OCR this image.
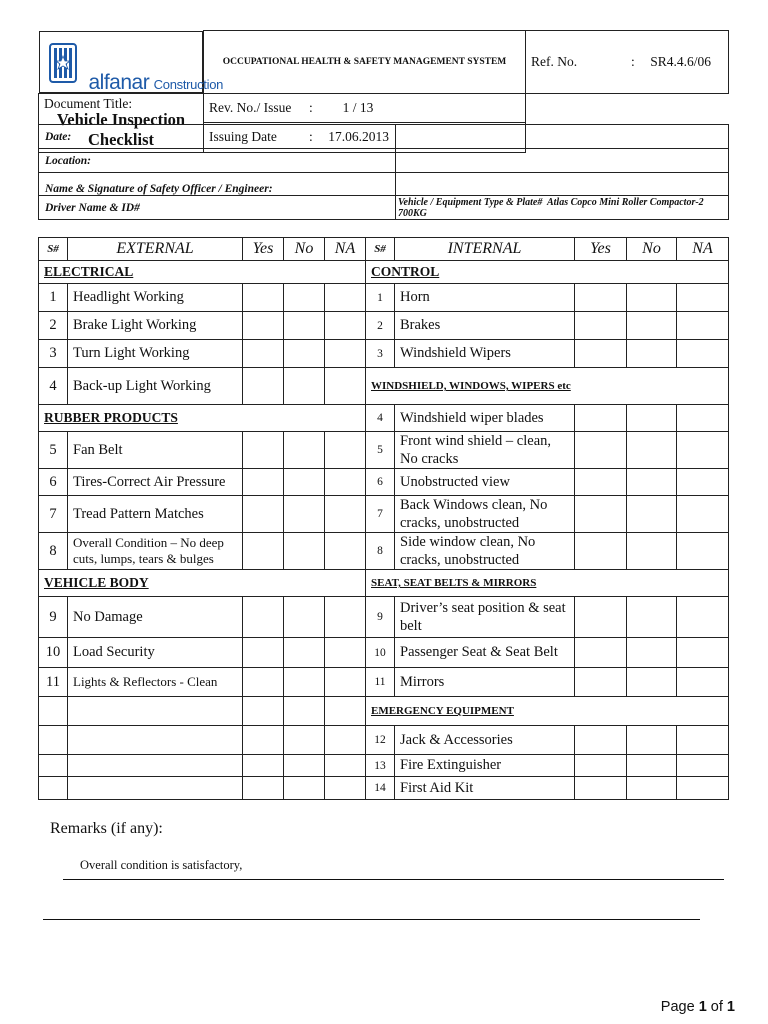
alfanar Construction
OCCUPATIONAL HEALTH & SAFETY MANAGEMENT SYSTEM	Ref. No. : SR4.4.6/06

Document Title:
Vehicle Inspection Checklist	Rev. No./ Issue : 1 / 13	
	Issuing Date : 17.06.2013	
Date:	
Location:	
Name & Signature of Safety Officer / Engineer:	
Driver Name & ID#	Vehicle / Equipment Type & Plate# Atlas Copco Mini Roller Compactor-2 700KG
S#	EXTERNAL	Yes	No	NA	S#	INTERNAL	Yes	No	NA
ELECTRICAL					CONTROL				
1	Headlight Working				1	Horn			
2	Brake Light Working				2	Brakes			
3	Turn Light Working				3	Windshield Wipers			
4	Back-up Light Working				WINDSHIELD, WINDOWS, WIPERS etc				
RUBBER PRODUCTS					4	Windshield wiper blades			
5	Fan Belt				5	Front wind shield – clean, No cracks			
6	Tires-Correct Air Pressure				6	Unobstructed view			
7	Tread Pattern Matches				7	Back Windows clean, No cracks, unobstructed			
8	Overall Condition – No deep cuts, lumps, tears & bulges				8	Side window clean, No cracks, unobstructed			
VEHICLE BODY					SEAT, SEAT BELTS & MIRRORS				
9	No Damage				9	Driver’s seat position & seat belt			
10	Load Security				10	Passenger Seat & Seat Belt			
11	Lights & Reflectors - Clean				11	Mirrors			
					EMERGENCY EQUIPMENT				
					12	Jack & Accessories			
					13	Fire Extinguisher			
					14	First Aid Kit			
Remarks (if any):
Overall condition is satisfactory,
Page 1 of 1
